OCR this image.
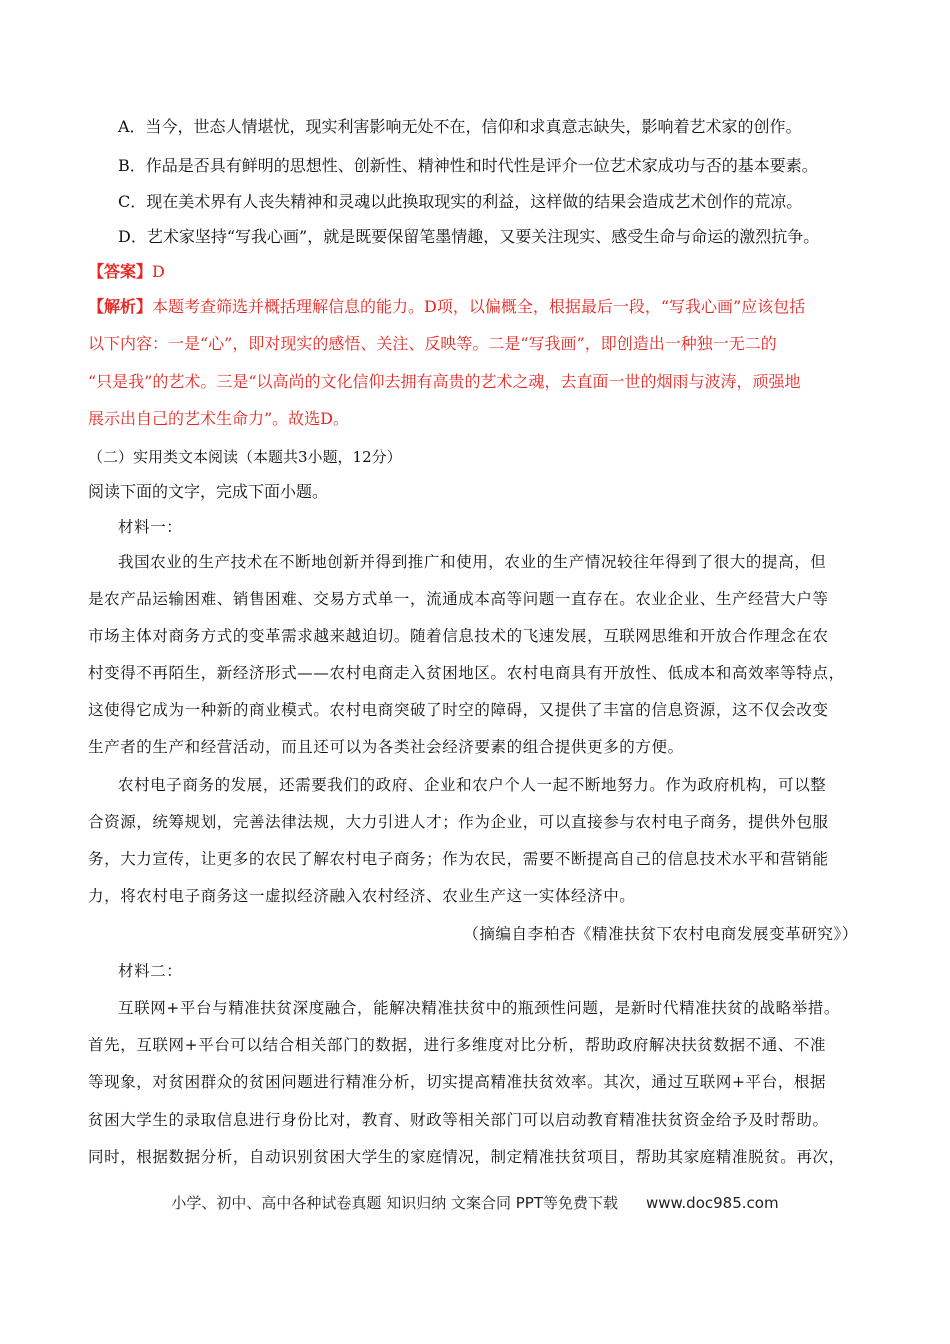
A．当今，世态人情堪忧，现实利害影响无处不在，信仰和求真意志缺失，影响着艺术家的创作。
B．作品是否具有鲜明的思想性、创新性、精神性和时代性是评介一位艺术家成功与否的基本要素。
C．现在美术界有人丧失精神和灵魂以此换取现实的利益，这样做的结果会造成艺术创作的荒凉。
D．艺术家坚持“写我心画”，就是既要保留笔墨情趣，又要关注现实、感受生命与命运的激烈抗争。
【答案】D
【解析】本题考查筛选并概括理解信息的能力。D项，以偏概全，根据最后一段，“写我心画”应该包括
以下内容：一是“心”，即对现实的感悟、关注、反映等。二是“写我画”，即创造出一种独一无二的
“只是我”的艺术。三是“以高尚的文化信仰去拥有高贵的艺术之魂，去直面一世的烟雨与波涛，顽强地
展示出自己的艺术生命力”。故选D。
（二）实用类文本阅读（本题共3小题，12分）
阅读下面的文字，完成下面小题。
材料一：
我国农业的生产技术在不断地创新并得到推广和使用，农业的生产情况较往年得到了很大的提高，但
是农产品运输困难、销售困难、交易方式单一，流通成本高等问题一直存在。农业企业、生产经营大户等
市场主体对商务方式的变革需求越来越迫切。随着信息技术的飞速发展，互联网思维和开放合作理念在农
村变得不再陌生，新经济形式——农村电商走入贫困地区。农村电商具有开放性、低成本和高效率等特点，
这使得它成为一种新的商业模式。农村电商突破了时空的障碍，又提供了丰富的信息资源，这不仅会改变
生产者的生产和经营活动，而且还可以为各类社会经济要素的组合提供更多的方便。
农村电子商务的发展，还需要我们的政府、企业和农户个人一起不断地努力。作为政府机构，可以整
合资源，统筹规划，完善法律法规，大力引进人才；作为企业，可以直接参与农村电子商务，提供外包服
务，大力宣传，让更多的农民了解农村电子商务；作为农民，需要不断提高自己的信息技术水平和营销能
力，将农村电子商务这一虚拟经济融入农村经济、农业生产这一实体经济中。
（摘编自李柏杏《精准扶贫下农村电商发展变革研究》）
材料二：
互联网+平台与精准扶贫深度融合，能解决精准扶贫中的瓶颈性问题，是新时代精准扶贫的战略举措。
首先，互联网+平台可以结合相关部门的数据，进行多维度对比分析，帮助政府解决扶贫数据不通、不准
等现象，对贫困群众的贫困问题进行精准分析，切实提高精准扶贫效率。其次，通过互联网+平台，根据
贫困大学生的录取信息进行身份比对，教育、财政等相关部门可以启动教育精准扶贫资金给予及时帮助。
同时，根据数据分析，自动识别贫困大学生的家庭情况，制定精准扶贫项目，帮助其家庭精准脱贫。再次，
小学、初中、高中各种试卷真题 知识归纳 文案合同 PPT等免费下载 www.doc985.com
